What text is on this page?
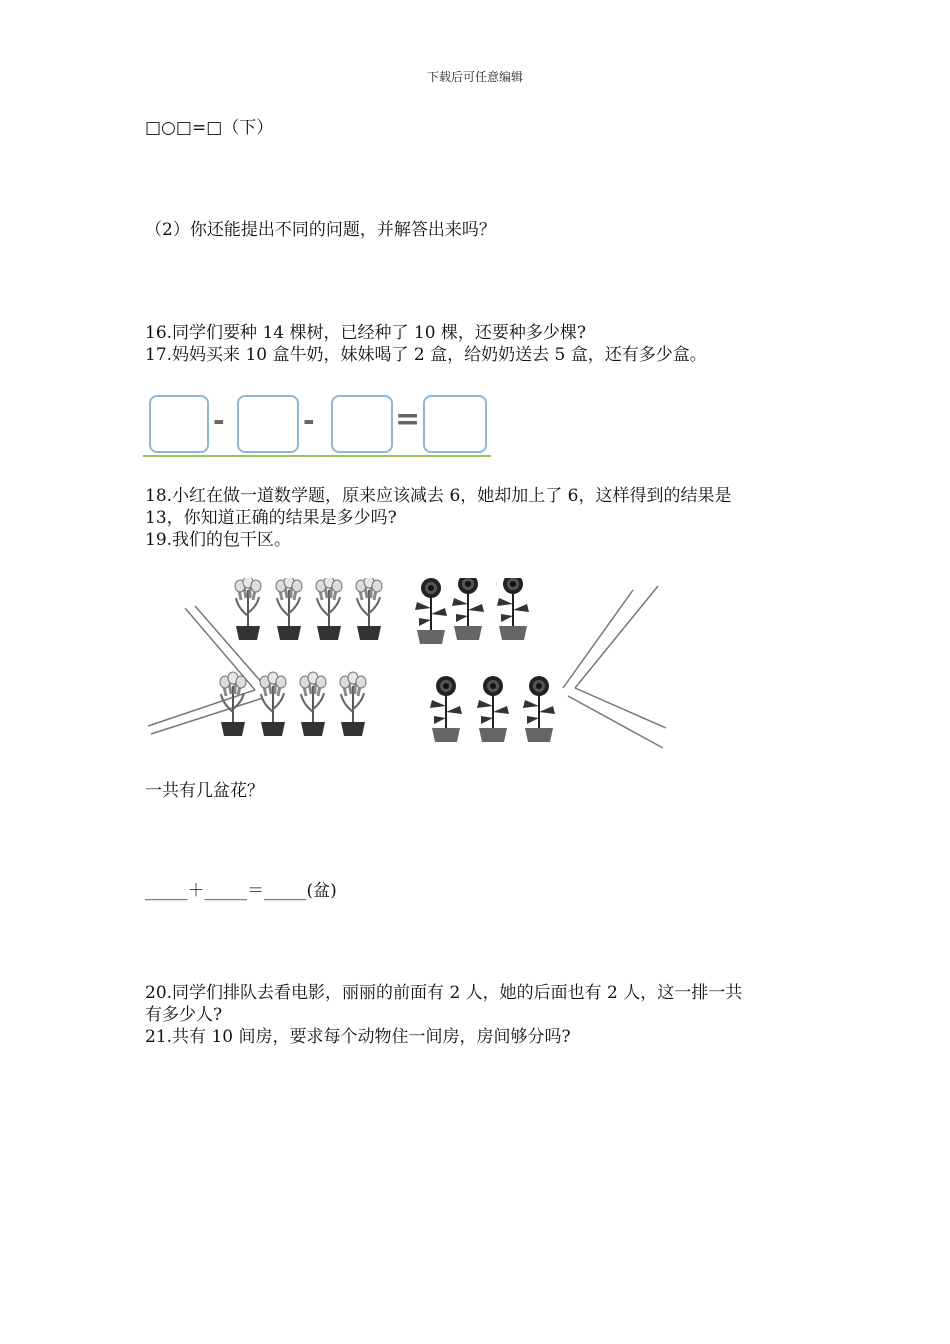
下载后可任意编辑
□○□=□（下）
（2）你还能提出不同的问题，并解答出来吗？
16.同学们要种 14 棵树，已经种了 10 棵，还要种多少棵?
17.妈妈买来 10 盒牛奶，妹妹喝了 2 盒，给奶奶送去 5 盒，还有多少盒。
-	-	=
18.小红在做一道数学题，原来应该减去 6，她却加上了 6，这样得到的结果是
13，你知道正确的结果是多少吗?
19.我们的包干区。
一共有几盆花？
_____＋_____＝_____(盆)
20.同学们排队去看电影，丽丽的前面有 2 人，她的后面也有 2 人，这一排一共
有多少人?
21.共有 10 间房，要求每个动物住一间房，房间够分吗?
